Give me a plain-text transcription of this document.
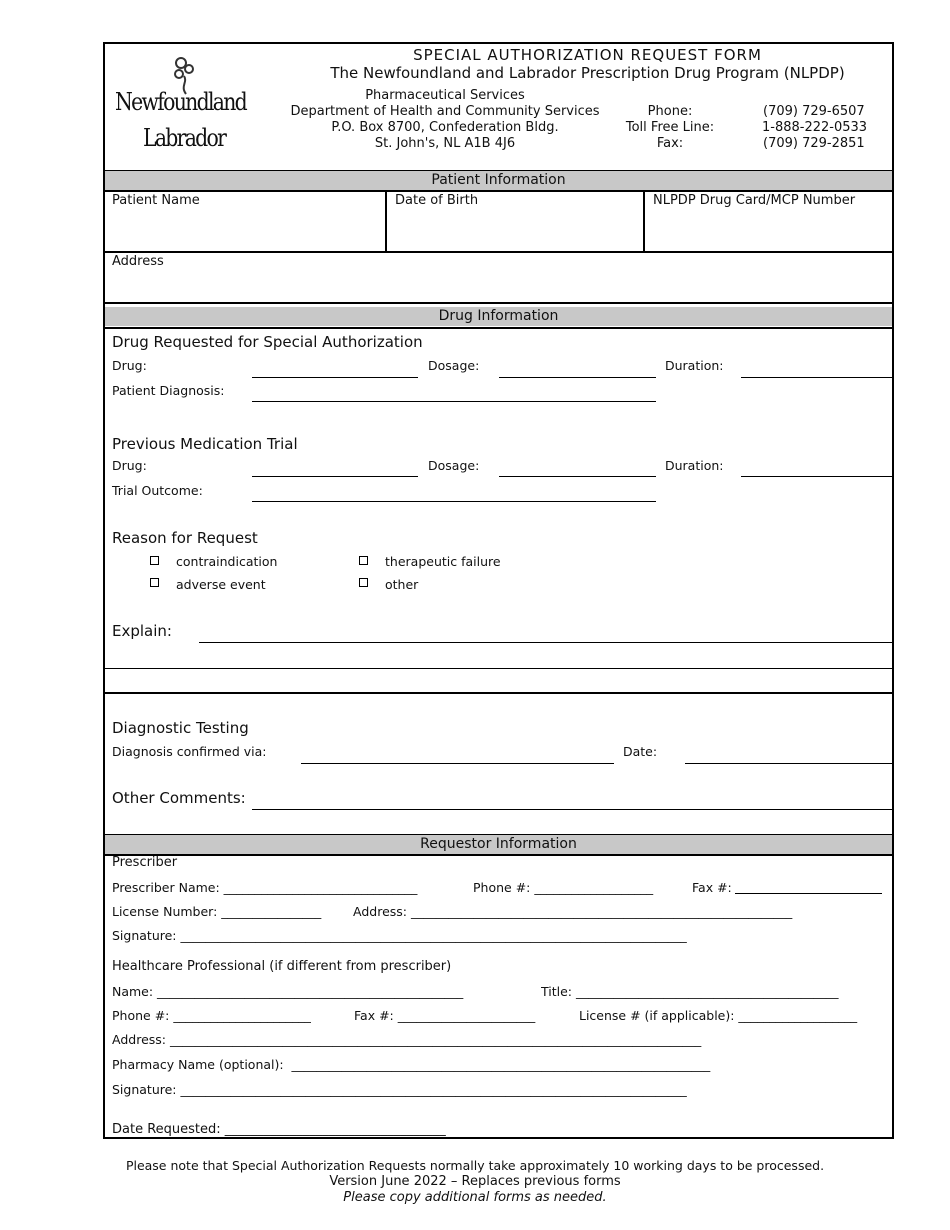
Newfoundland
Labrador
SPECIAL AUTHORIZATION REQUEST FORM
The Newfoundland and Labrador Prescription Drug Program (NLPDP)
Pharmaceutical Services
Department of Health and Community Services
P.O. Box 8700, Confederation Bldg.
St. John's, NL A1B 4J6
Phone:	(709) 729-6507
Toll Free Line:	1-888-222-0533
Fax:	(709) 729-2851
Patient Information
Patient Name	Date of Birth	NLPDP Drug Card/MCP Number
Address
Drug Information
Drug Requested for Special Authorization
Drug:	Dosage:	Duration:
Patient Diagnosis:
Previous Medication Trial
Drug:	Dosage:	Duration:
Trial Outcome:
Reason for Request
contraindication
adverse event
therapeutic failure
other
Explain:
Diagnostic Testing
Diagnosis confirmed via:	Date:
Other Comments:
Requestor Information
Prescriber
Prescriber Name: _______________________________	Phone #: ___________________	Fax #:
License Number: ________________	Address: _____________________________________________________________
Signature: _________________________________________________________________________________
Healthcare Professional (if different from prescriber)
Name: _________________________________________________	Title: __________________________________________
Phone #: ______________________	Fax #: ______________________	License # (if applicable): ___________________
Address: _____________________________________________________________________________________
Pharmacy Name (optional):  ___________________________________________________________________
Signature: _________________________________________________________________________________
Date Requested: __________________________________
Please note that Special Authorization Requests normally take approximately 10 working days to be processed.
Version June 2022 – Replaces previous forms
Please copy additional forms as needed.
